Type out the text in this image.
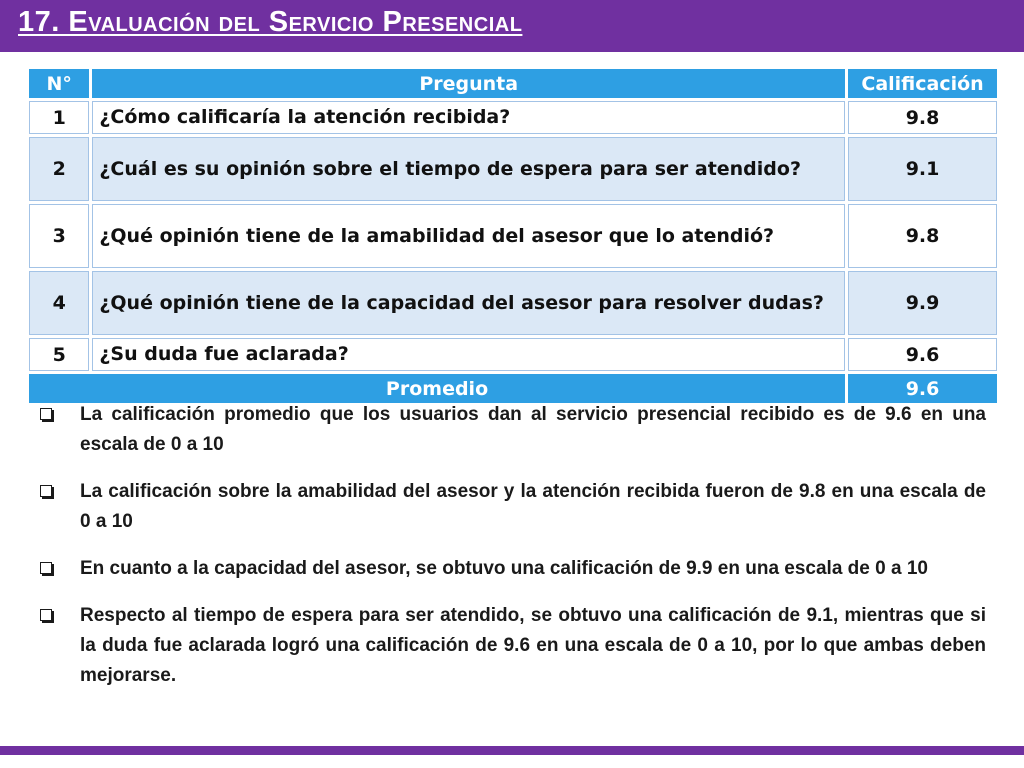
17. Evaluación del Servicio Presencial
N°	Pregunta	Calificación
1	¿Cómo calificaría la atención recibida?	9.8
2	¿Cuál es su opinión sobre el tiempo de espera para ser atendido?	9.1
3	¿Qué opinión tiene de la amabilidad del asesor que lo atendió?	9.8
4	¿Qué opinión tiene de la capacidad del asesor para resolver dudas?	9.9
5	¿Su duda fue aclarada?	9.6
Promedio		9.6
La calificación promedio que los usuarios dan al servicio presencial recibido es de 9.6 en una escala de 0 a 10
La calificación sobre la amabilidad del asesor y la atención recibida fueron de 9.8 en una escala de 0 a 10
En cuanto a la capacidad del asesor, se obtuvo una calificación de 9.9 en una escala de 0 a 10
Respecto al tiempo de espera para ser atendido, se obtuvo una calificación de 9.1, mientras que si la duda fue aclarada logró una calificación de 9.6 en una escala de 0 a 10, por lo que ambas deben mejorarse.
